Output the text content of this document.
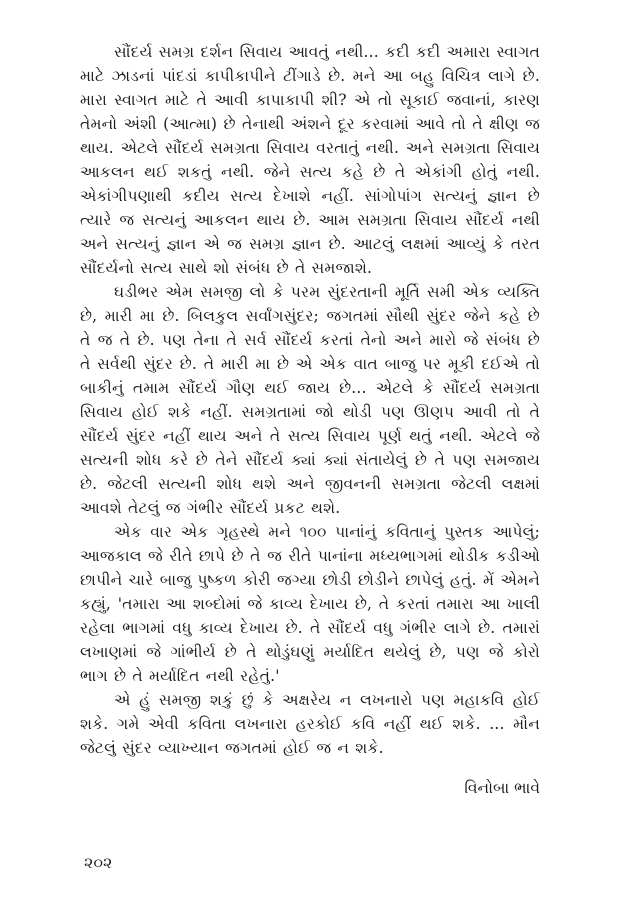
સૌંદર્ય સમગ્ર દર્શન સિવાય આવતું નથી... કદી કદી અમારા સ્વાગત માટે ઝાડનાં પાંદડાં કાપીકાપીને ટીંગાડે છે. મને આ બહુ વિચિત્ર લાગે છે. મારા સ્વાગત માટે તે આવી કાપાકાપી શી? એ તો સૂકાઈ જવાનાં, કારણ તેમનો અંશી (આત્મા) છે તેનાથી અંશને દૂર કરવામાં આવે તો તે ક્ષીણ જ થાય. એટલે સૌંદર્ય સમગ્રતા સિવાય વરતાતું નથી. અને સમગ્રતા સિવાય આકલન થઈ શકતું નથી. જેને સત્ય કહે છે તે એકાંગી હોતું નથી. એકાંગીપણાથી કદીય સત્ય દેખાશે નહીં. સાંગોપાંગ સત્યનું જ્ઞાન છે ત્યારે જ સત્યનું આકલન થાય છે. આમ સમગ્રતા સિવાય સૌંદર્ય નથી અને સત્યનું જ્ઞાન એ જ સમગ્ર જ્ઞાન છે. આટલું લક્ષમાં આવ્યું કે તરત સૌંદર્યનો સત્ય સાથે શો સંબંધ છે તે સમજાશે.

ઘડીભર એમ સમજી લો કે પરમ સુંદરતાની મૂર્તિ સમી એક વ્યક્તિ છે, મારી મા છે. બિલકુલ સર્વાંગસુંદર; જગતમાં સૌથી સુંદર જેને કહે છે તે જ તે છે. પણ તેના તે સર્વ સૌંદર્ય કરતાં તેનો અને મારો જે સંબંધ છે તે સર્વથી સુંદર છે. તે મારી મા છે એ એક વાત બાજુ પર મૂકી દઈએ તો બાકીનું તમામ સૌંદર્ય ગૌણ થઈ જાય છે... એટલે કે સૌંદર્ય સમગ્રતા સિવાય હોઈ શકે નહીં. સમગ્રતામાં જો થોડી પણ ઊણપ આવી તો તે સૌંદર્ય સુંદર નહીં થાય અને તે સત્ય સિવાય પૂર્ણ થતું નથી. એટલે જે સત્યની શોધ કરે છે તેને સૌંદર્ય ક્યાં ક્યાં સંતાયેલું છે તે પણ સમજાય છે. જેટલી સત્યની શોધ થશે અને જીવનની સમગ્રતા જેટલી લક્ષમાં આવશે તેટલું જ ગંભીર સૌંદર્ય પ્રકટ થશે.

એક વાર એક ગૃહસ્થે મને ૧૦૦ પાનાંનું કવિતાનું પુસ્તક આપેલું; આજકાલ જે રીતે છાપે છે તે જ રીતે પાનાંના મધ્યભાગમાં થોડીક કડીઓ છાપીને ચારે બાજુ પુષ્કળ કોરી જગ્યા છોડી છોડીને છાપેલું હતું. મેં એમને કહ્યું, 'તમારા આ શબ્દોમાં જે કાવ્ય દેખાય છે, તે કરતાં તમારા આ ખાલી રહેલા ભાગમાં વધુ કાવ્ય દેખાય છે. તે સૌંદર્ય વધુ ગંભીર લાગે છે. તમારાં લખાણમાં જે ગાંભીર્ય છે તે થોડુંઘણું મર્યાદિત થયેલું છે, પણ જે કોરો ભાગ છે તે મર્યાદિત નથી રહેતું.'

એ હું સમજી શકું છું કે અક્ષરેય ન લખનારો પણ મહાકવિ હોઈ શકે. ગમે એવી કવિતા લખનારા હરકોઈ કવિ નહીં થઈ શકે. ... મૌન જેટલું સુંદર વ્યાખ્યાન જગતમાં હોઈ જ ન શકે.

વિનોબા ભાવે
૨૦૨
